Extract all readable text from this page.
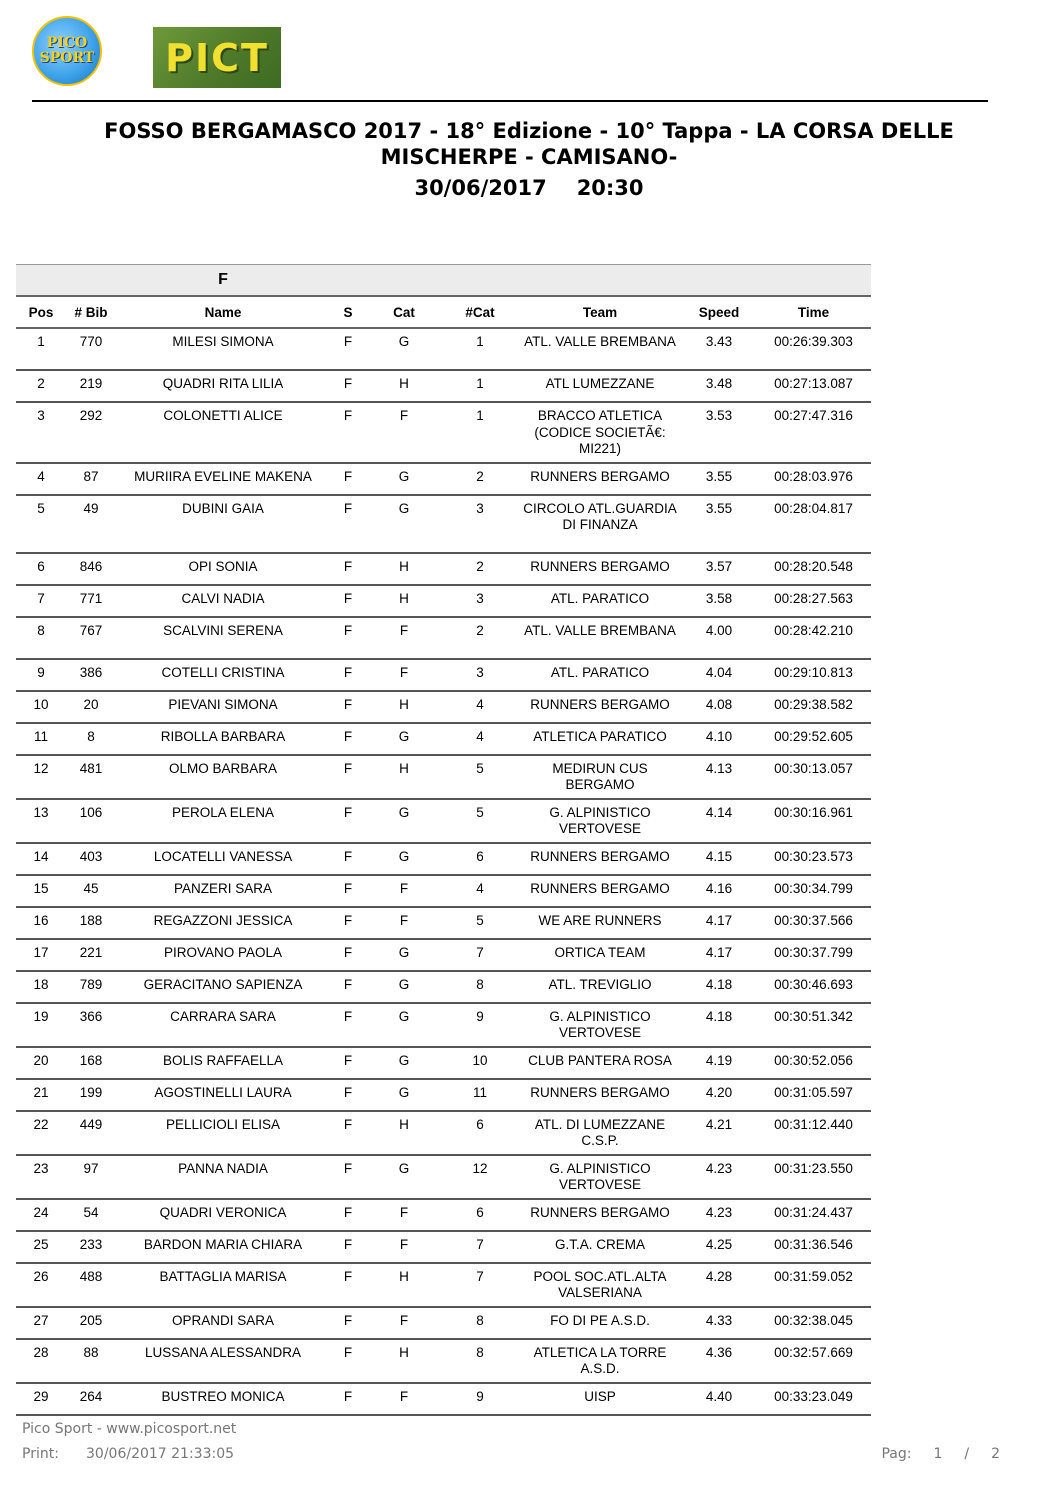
PICO
SPORT PICT
FOSSO BERGAMASCO 2017 - 18° Edizione - 10° Tappa - LA CORSA DELLE MISCHERPE - CAMISANO-
30/06/2017 20:30
		F						
Pos	# Bib	Name	S	Cat	#Cat	Team	Speed	Time
1	770	MILESI SIMONA	F	G	1	ATL. VALLE BREMBANA	3.43	00:26:39.303
2	219	QUADRI RITA LILIA	F	H	1	ATL LUMEZZANE	3.48	00:27:13.087
3	292	COLONETTI ALICE	F	F	1	BRACCO ATLETICA (CODICE SOCIETÃ€: MI221)	3.53	00:27:47.316
4	87	MURIIRA EVELINE MAKENA	F	G	2	RUNNERS BERGAMO	3.55	00:28:03.976
5	49	DUBINI GAIA	F	G	3	CIRCOLO ATL.GUARDIA DI FINANZA	3.55	00:28:04.817
6	846	OPI SONIA	F	H	2	RUNNERS BERGAMO	3.57	00:28:20.548
7	771	CALVI NADIA	F	H	3	ATL. PARATICO	3.58	00:28:27.563
8	767	SCALVINI SERENA	F	F	2	ATL. VALLE BREMBANA	4.00	00:28:42.210
9	386	COTELLI CRISTINA	F	F	3	ATL. PARATICO	4.04	00:29:10.813
10	20	PIEVANI SIMONA	F	H	4	RUNNERS BERGAMO	4.08	00:29:38.582
11	8	RIBOLLA BARBARA	F	G	4	ATLETICA PARATICO	4.10	00:29:52.605
12	481	OLMO BARBARA	F	H	5	MEDIRUN CUS BERGAMO	4.13	00:30:13.057
13	106	PEROLA ELENA	F	G	5	G. ALPINISTICO VERTOVESE	4.14	00:30:16.961
14	403	LOCATELLI VANESSA	F	G	6	RUNNERS BERGAMO	4.15	00:30:23.573
15	45	PANZERI SARA	F	F	4	RUNNERS BERGAMO	4.16	00:30:34.799
16	188	REGAZZONI JESSICA	F	F	5	WE ARE RUNNERS	4.17	00:30:37.566
17	221	PIROVANO PAOLA	F	G	7	ORTICA TEAM	4.17	00:30:37.799
18	789	GERACITANO SAPIENZA	F	G	8	ATL. TREVIGLIO	4.18	00:30:46.693
19	366	CARRARA SARA	F	G	9	G. ALPINISTICO VERTOVESE	4.18	00:30:51.342
20	168	BOLIS RAFFAELLA	F	G	10	CLUB PANTERA ROSA	4.19	00:30:52.056
21	199	AGOSTINELLI LAURA	F	G	11	RUNNERS BERGAMO	4.20	00:31:05.597
22	449	PELLICIOLI ELISA	F	H	6	ATL. DI LUMEZZANE C.S.P.	4.21	00:31:12.440
23	97	PANNA NADIA	F	G	12	G. ALPINISTICO VERTOVESE	4.23	00:31:23.550
24	54	QUADRI VERONICA	F	F	6	RUNNERS BERGAMO	4.23	00:31:24.437
25	233	BARDON MARIA CHIARA	F	F	7	G.T.A. CREMA	4.25	00:31:36.546
26	488	BATTAGLIA MARISA	F	H	7	POOL SOC.ATL.ALTA VALSERIANA	4.28	00:31:59.052
27	205	OPRANDI SARA	F	F	8	FO DI PE A.S.D.	4.33	00:32:38.045
28	88	LUSSANA ALESSANDRA	F	H	8	ATLETICA LA TORRE A.S.D.	4.36	00:32:57.669
29	264	BUSTREO MONICA	F	F	9	UISP	4.40	00:33:23.049
Pico Sport - www.picosport.net
Print: 30/06/2017 21:33:05	Pag: 1 / 2
